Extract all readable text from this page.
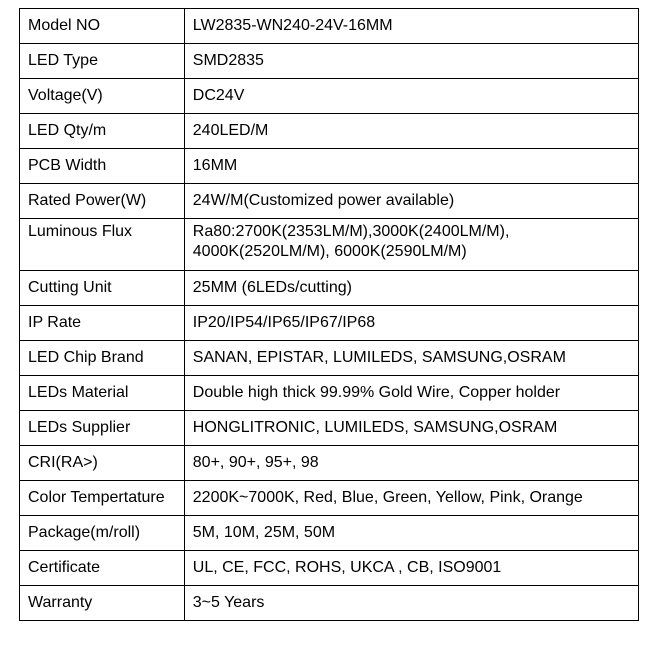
Model NO	LW2835-WN240-24V-16MM

LED Type	SMD2835

Voltage(V)	DC24V

LED Qty/m	240LED/M

PCB Width	16MM

Rated Power(W)	24W/M(Customized power available)

Luminous Flux	Ra80:2700K(2353LM/M),3000K(2400LM/M),
4000K(2520LM/M), 6000K(2590LM/M)

Cutting Unit	25MM (6LEDs/cutting)

IP Rate	IP20/IP54/IP65/IP67/IP68

LED Chip Brand	SANAN, EPISTAR, LUMILEDS, SAMSUNG,OSRAM

LEDs Material	Double high thick 99.99% Gold Wire, Copper holder

LEDs Supplier	HONGLITRONIC, LUMILEDS, SAMSUNG,OSRAM

CRI(RA>)	80+, 90+, 95+, 98

Color Tempertature	2200K~7000K, Red, Blue, Green, Yellow, Pink, Orange

Package(m/roll)	5M, 10M, 25M, 50M

Certificate	UL, CE, FCC, ROHS, UKCA , CB, ISO9001

Warranty	3~5 Years
